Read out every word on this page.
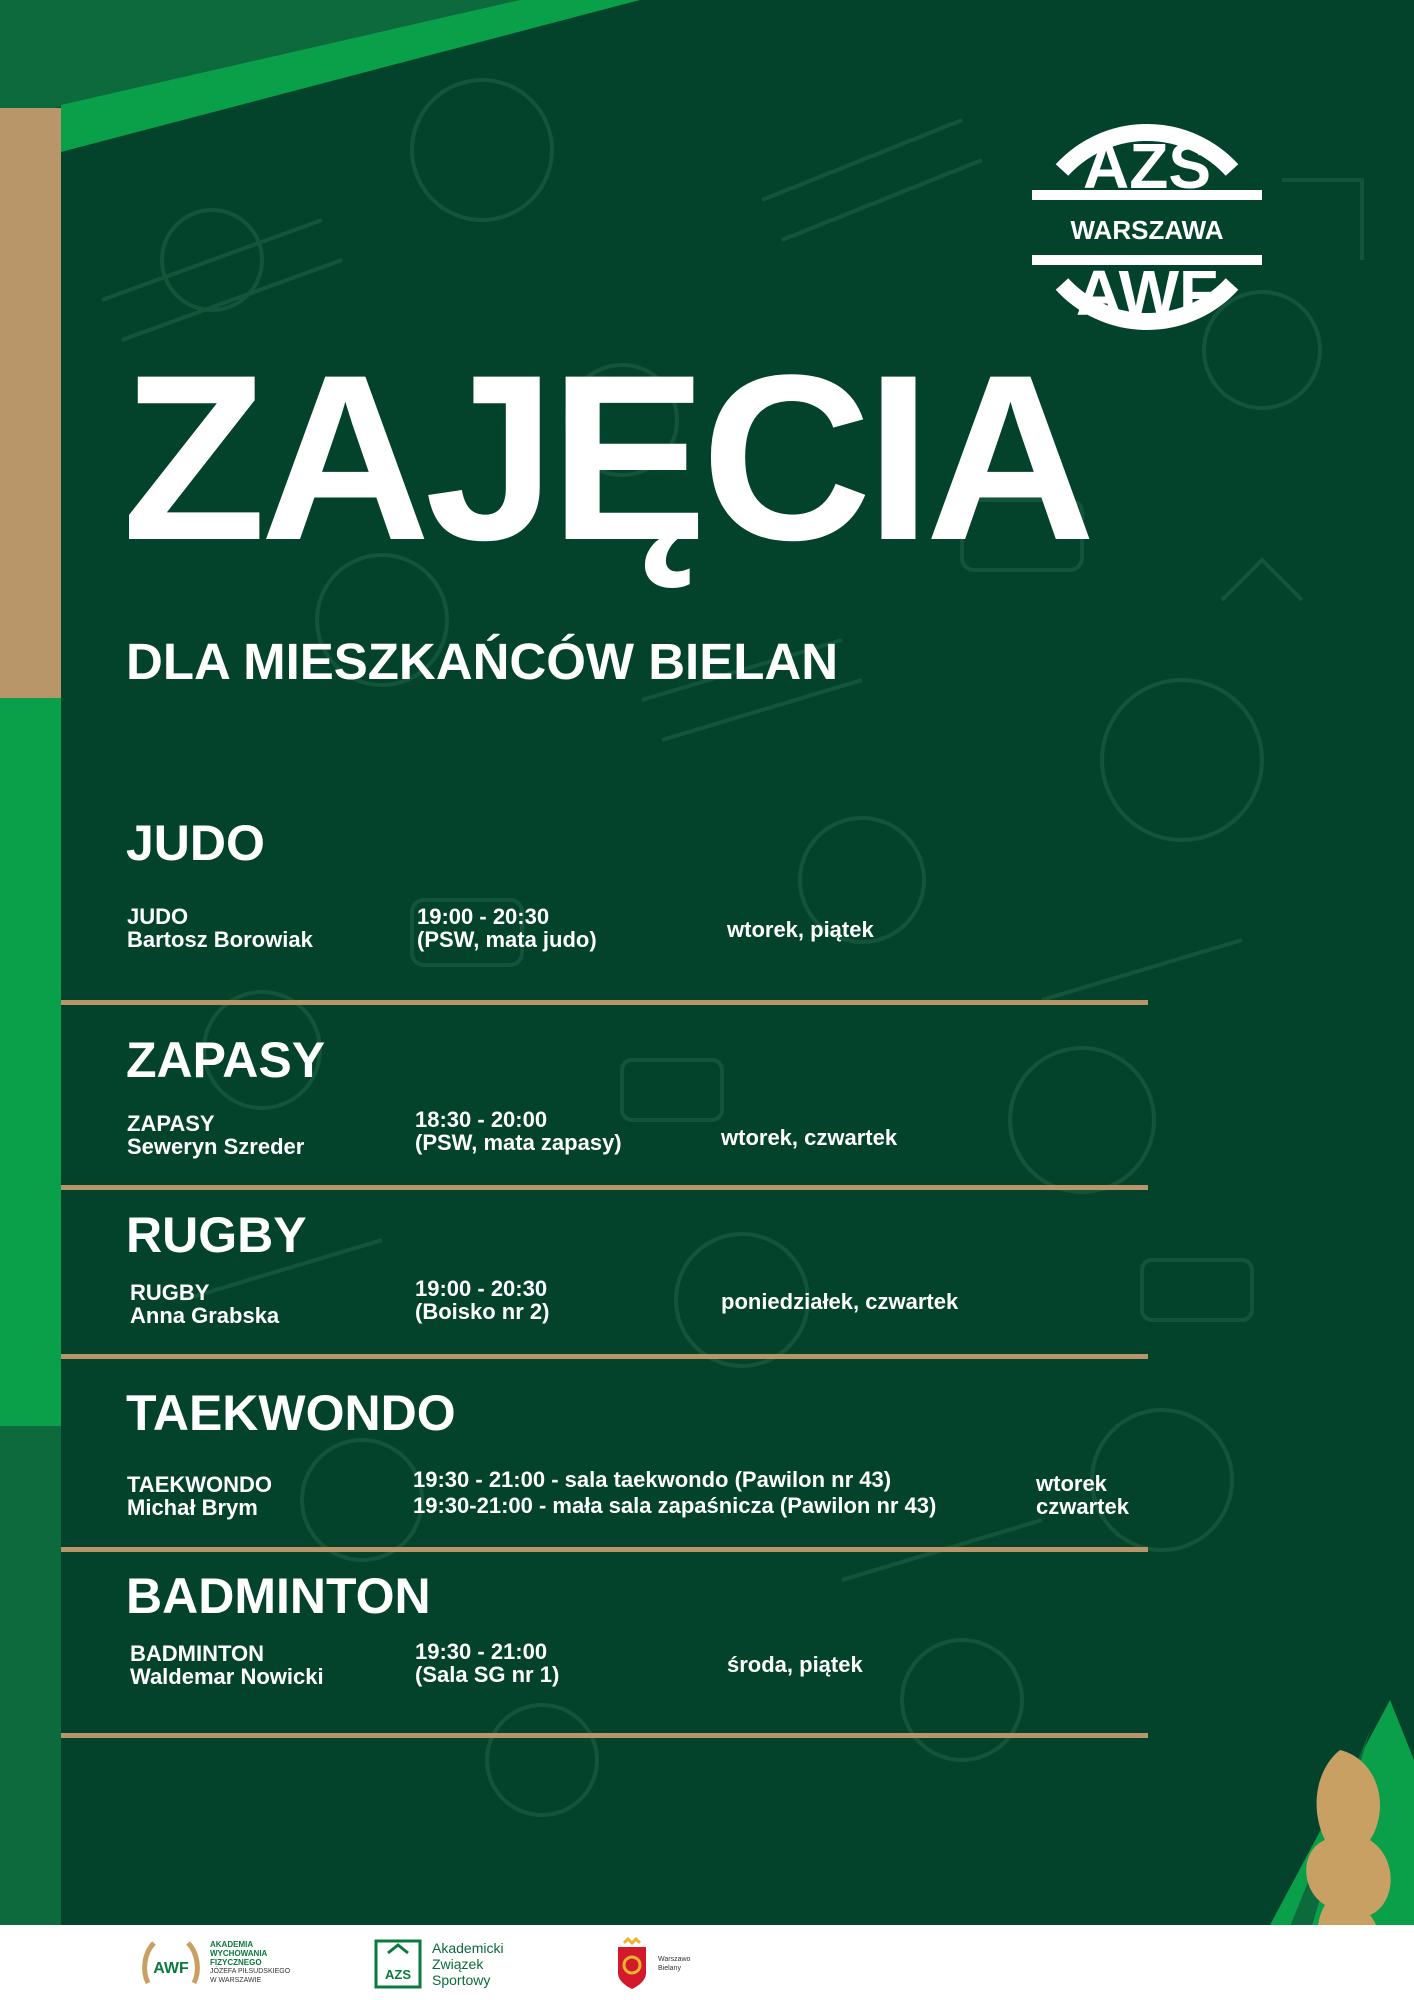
AZS
WARSZAWA
AWF
ZAJĘCIA
DLA MIESZKAŃCÓW BIELAN
JUDO

JUDO
Bartosz Borowiak

19:00 - 20:30
(PSW, mata judo)	wtorek, piątek

ZAPASY

ZAPASY
Seweryn Szreder

18:30 - 20:00
(PSW, mata zapasy)	wtorek, czwartek

RUGBY

RUGBY
Anna Grabska

19:00 - 20:30
(Boisko nr 2)	poniedziałek, czwartek

TAEKWONDO

TAEKWONDO
Michał Brym

19:30 - 21:00 - sala taekwondo (Pawilon nr 43)
19:30-21:00 - mała sala zapaśnicza (Pawilon nr 43)

wtorek
czwartek

BADMINTON

BADMINTON
Waldemar Nowicki

19:30 - 21:00
(Sala SG nr 1)	środa, piątek

AWF
AKADEMIA
WYCHOWANIA
FIZYCZNEGO
JÓZEFA PIŁSUDSKIEGO
W WARSZAWIE	AZS
Akademicki
Związek
Sportowy
Warszawo
Bielany
